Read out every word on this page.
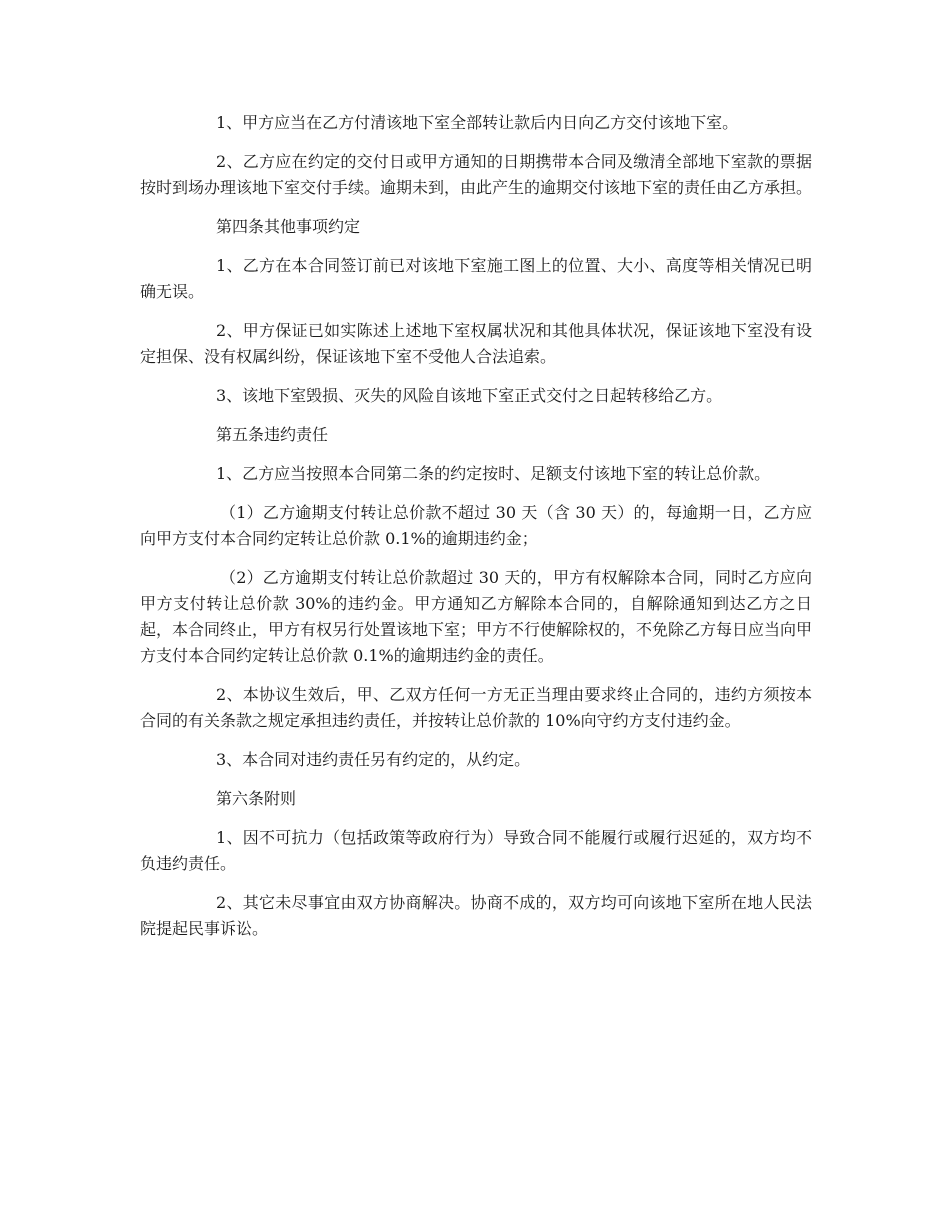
1、甲方应当在乙方付清该地下室全部转让款后内日向乙方交付该地下室。

2、乙方应在约定的交付日或甲方通知的日期携带本合同及缴清全部地下室款的票据按时到场办理该地下室交付手续。逾期未到，由此产生的逾期交付该地下室的责任由乙方承担。

第四条其他事项约定

1、乙方在本合同签订前已对该地下室施工图上的位置、大小、高度等相关情况已明确无误。

2、甲方保证已如实陈述上述地下室权属状况和其他具体状况，保证该地下室没有设定担保、没有权属纠纷，保证该地下室不受他人合法追索。

3、该地下室毁损、灭失的风险自该地下室正式交付之日起转移给乙方。

第五条违约责任

1、乙方应当按照本合同第二条的约定按时、足额支付该地下室的转让总价款。

（1）乙方逾期支付转让总价款不超过 30 天（含 30 天）的，每逾期一日，乙方应向甲方支付本合同约定转让总价款 0.1%的逾期违约金；

（2）乙方逾期支付转让总价款超过 30 天的，甲方有权解除本合同，同时乙方应向甲方支付转让总价款 30%的违约金。甲方通知乙方解除本合同的，自解除通知到达乙方之日起，本合同终止，甲方有权另行处置该地下室；甲方不行使解除权的，不免除乙方每日应当向甲方支付本合同约定转让总价款 0.1%的逾期违约金的责任。

2、本协议生效后，甲、乙双方任何一方无正当理由要求终止合同的，违约方须按本合同的有关条款之规定承担违约责任，并按转让总价款的 10%向守约方支付违约金。

3、本合同对违约责任另有约定的，从约定。

第六条附则

1、因不可抗力（包括政策等政府行为）导致合同不能履行或履行迟延的，双方均不负违约责任。

2、其它未尽事宜由双方协商解决。协商不成的，双方均可向该地下室所在地人民法院提起民事诉讼。
